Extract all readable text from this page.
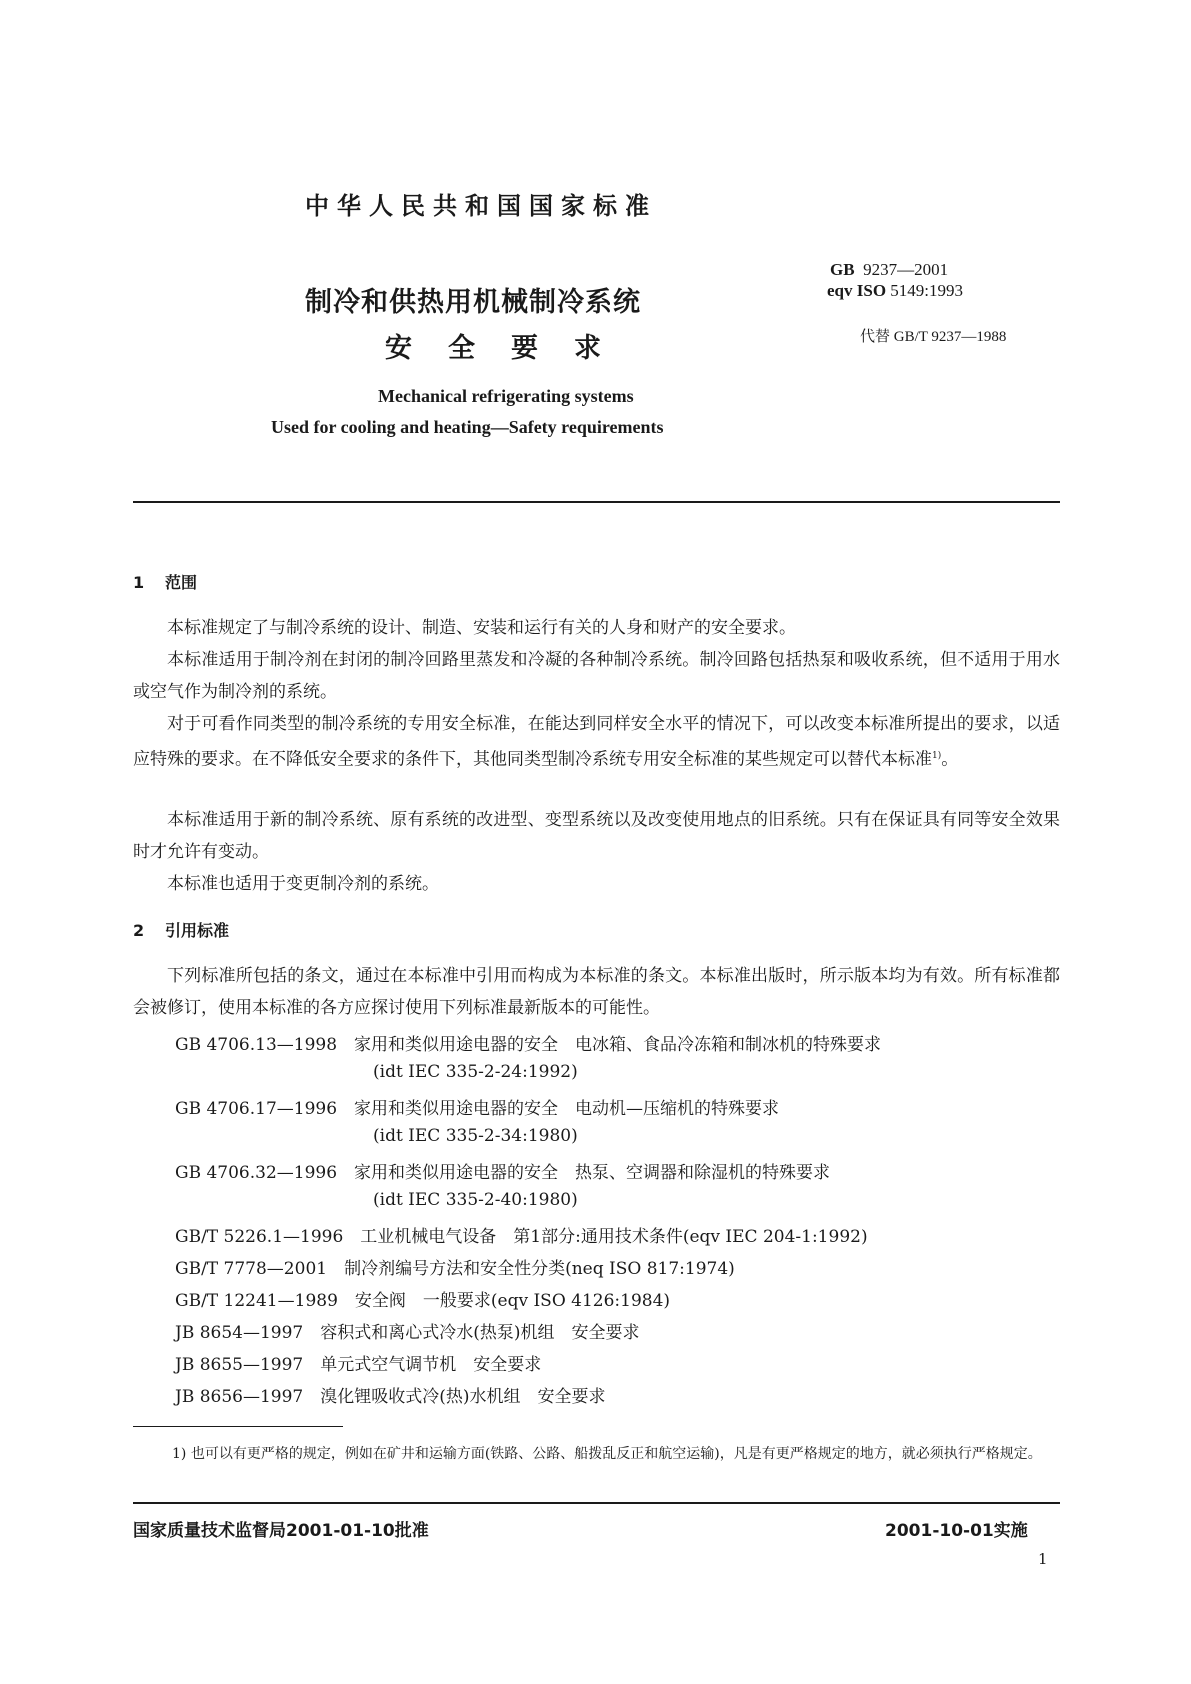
中华人民共和国国家标准
制冷和供热用机械制冷系统
安全要求
GB 9237—2001
eqv ISO 5149:1993
代替 GB/T 9237—1988
Mechanical refrigerating systems
Used for cooling and heating—Safety requirements
1 范围
本标准规定了与制冷系统的设计、制造、安装和运行有关的人身和财产的安全要求。
本标准适用于制冷剂在封闭的制冷回路里蒸发和冷凝的各种制冷系统。制冷回路包括热泵和吸收系统，但不适用于用水或空气作为制冷剂的系统。
对于可看作同类型的制冷系统的专用安全标准，在能达到同样安全水平的情况下，可以改变本标准所提出的要求，以适应特殊的要求。在不降低安全要求的条件下，其他同类型制冷系统专用安全标准的某些规定可以替代本标准$^{1)}$。
本标准适用于新的制冷系统、原有系统的改进型、变型系统以及改变使用地点的旧系统。只有在保证具有同等安全效果时才允许有变动。
本标准也适用于变更制冷剂的系统。
2 引用标准
下列标准所包括的条文，通过在本标准中引用而构成为本标准的条文。本标准出版时，所示版本均为有效。所有标准都会被修订，使用本标准的各方应探讨使用下列标准最新版本的可能性。
GB 4706.13—1998　家用和类似用途电器的安全　电冰箱、食品冷冻箱和制冰机的特殊要求
(idt IEC 335-2-24:1992)
GB 4706.17—1996　家用和类似用途电器的安全　电动机—压缩机的特殊要求
(idt IEC 335-2-34:1980)
GB 4706.32—1996　家用和类似用途电器的安全　热泵、空调器和除湿机的特殊要求
(idt IEC 335-2-40:1980)
GB/T 5226.1—1996　工业机械电气设备　第1部分:通用技术条件(eqv IEC 204-1:1992)
GB/T 7778—2001　制冷剂编号方法和安全性分类(neq ISO 817:1974)
GB/T 12241—1989　安全阀　一般要求(eqv ISO 4126:1984)
JB 8654—1997　容积式和离心式冷水(热泵)机组　安全要求
JB 8655—1997　单元式空气调节机　安全要求
JB 8656—1997　溴化锂吸收式冷(热)水机组　安全要求
1) 也可以有更严格的规定，例如在矿井和运输方面(铁路、公路、船拨乱反正和航空运输)，凡是有更严格规定的地方，就必须执行严格规定。
国家质量技术监督局2001-01-10批准	2001-10-01实施
1
